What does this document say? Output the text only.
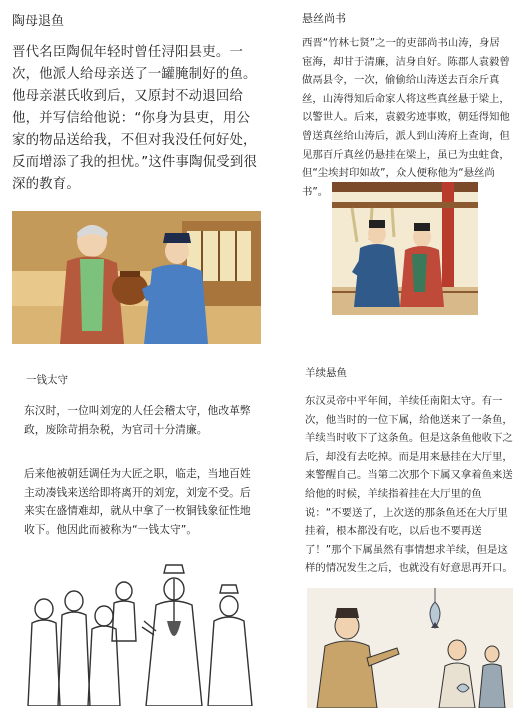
陶母退鱼

晋代名臣陶侃年轻时曾任浔阳县吏。一次，他派人给母亲送了一罐腌制好的鱼。他母亲湛氏收到后，又原封不动退回给他，并写信给他说：“你身为县吏，用公家的物品送给我，不但对我没任何好处，反而增添了我的担忧。”这件事陶侃受到很深的教育。

悬丝尚书

西晋“竹林七贤”之一的吏部尚书山涛，身居宦海，却甘于清廉，洁身自好。陈郡人袁毅曾做鬲县令，一次，偷偷给山涛送去百余斤真丝，山涛得知后命家人将这些真丝悬于梁上，以警世人。后来，袁毅劣迹事败，朝廷得知他曾送真丝给山涛后，派人到山涛府上查询，但见那百斤真丝仍悬挂在梁上，虽已为虫蛀食，但“尘埃封印如故”，众人便称他为“悬丝尚书”。

一钱太守

东汉时，一位叫刘宠的人任会稽太守，他改革弊政，废除苛捐杂税，为官司十分清廉。

后来他被朝廷调任为大匠之职，临走，当地百姓主动凑钱来送给即将离开的刘宠，刘宠不受。后来实在盛情难却，就从中拿了一枚铜钱象征性地收下。他因此而被称为“一钱太守”。

羊续悬鱼

东汉灵帝中平年间，羊续任南阳太守。有一次，他当时的一位下属，给他送来了一条鱼，羊续当时收下了这条鱼。但是这条鱼他收下之后，却没有去吃掉。而是用来悬挂在大厅里，来警醒自己。当第二次那个下属又拿着鱼来送给他的时候，羊续指着挂在大厅里的鱼说：“不要送了，上次送的那条鱼还在大厅里挂着，根本都没有吃，以后也不要再送了！”那个下属虽然有事情想求羊续，但是这样的情况发生之后，也就没有好意思再开口。
